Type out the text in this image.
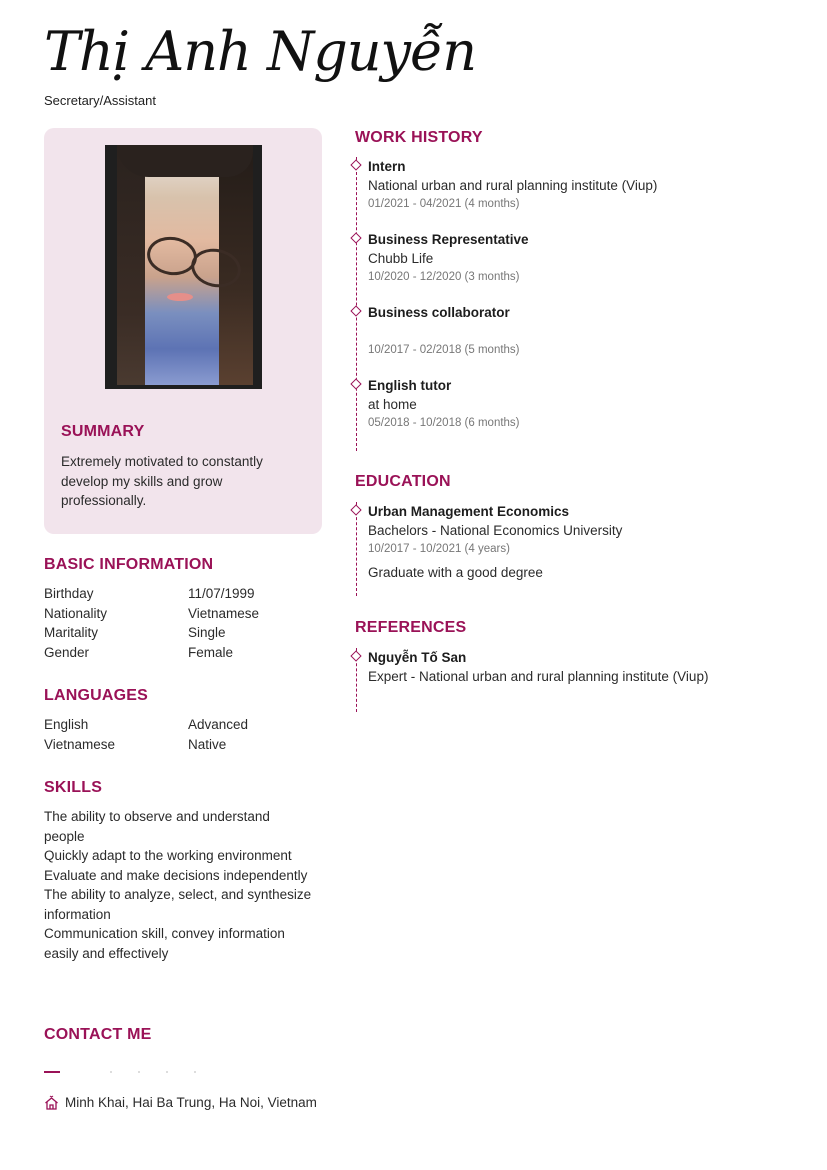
Thị Anh Nguyễn
Secretary/Assistant
SUMMARY
Extremely motivated to constantly develop my skills and grow professionally.
BASIC INFORMATION
Birthday	11/07/1999
Nationality	Vietnamese
Maritality	Single
Gender	Female
LANGUAGES
English	Advanced
Vietnamese	Native
SKILLS
The ability to observe and understand people
Quickly adapt to the working environment
Evaluate and make decisions independently
The ability to analyze, select, and synthesize information
Communication skill, convey information easily and effectively
CONTACT ME
Minh Khai, Hai Ba Trung, Ha Noi, Vietnam
WORK HISTORY
Intern
National urban and rural planning institute (Viup)
01/2021 - 04/2021 (4 months)
Business Representative
Chubb Life
10/2020 - 12/2020 (3 months)
Business collaborator
10/2017 - 02/2018 (5 months)
English tutor
at home
05/2018 - 10/2018 (6 months)
EDUCATION
Urban Management Economics
Bachelors - National Economics University
10/2017 - 10/2021 (4 years)
Graduate with a good degree
REFERENCES
Nguyễn Tố San
Expert - National urban and rural planning institute (Viup)
